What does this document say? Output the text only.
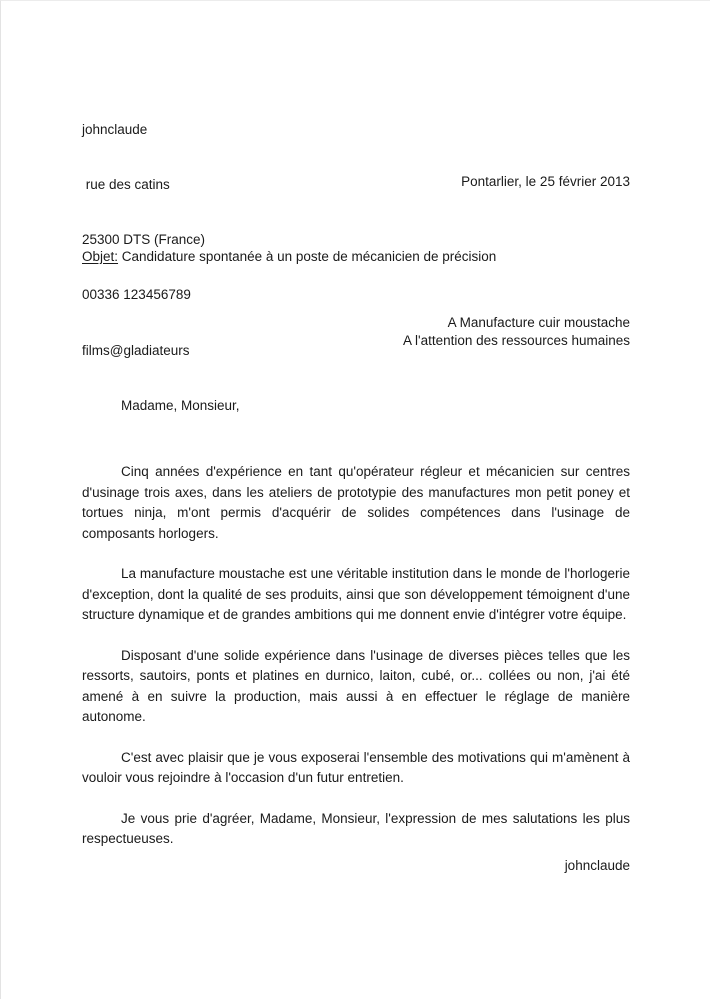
johnclaude

rue des catins

25300 DTS (France)

00336 123456789

films@gladiateurs

Pontarlier, le 25 février 2013
Objet: Candidature spontanée à un poste de mécanicien de précision
A Manufacture cuir moustache
A l'attention des ressources humaines
Madame, Monsieur,

Cinq années d'expérience en tant qu'opérateur régleur et mécanicien sur centres d'usinage trois axes, dans les ateliers de prototypie des manufactures mon petit poney et tortues ninja, m'ont permis d'acquérir de solides compétences dans l'usinage de composants horlogers.

La manufacture moustache est une véritable institution dans le monde de l'horlogerie d'exception, dont la qualité de ses produits, ainsi que son développement témoignent d'une structure dynamique et de grandes ambitions qui me donnent envie d'intégrer votre équipe.

Disposant d'une solide expérience dans l'usinage de diverses pièces telles que les ressorts, sautoirs, ponts et platines en durnico, laiton, cubé, or... collées ou non, j'ai été amené à en suivre la production, mais aussi à en effectuer le réglage de manière autonome.

C'est avec plaisir que je vous exposerai l'ensemble des motivations qui m'amènent à vouloir vous rejoindre à l'occasion d'un futur entretien.

Je vous prie d'agréer, Madame, Monsieur, l'expression de mes salutations les plus respectueuses.

johnclaude
